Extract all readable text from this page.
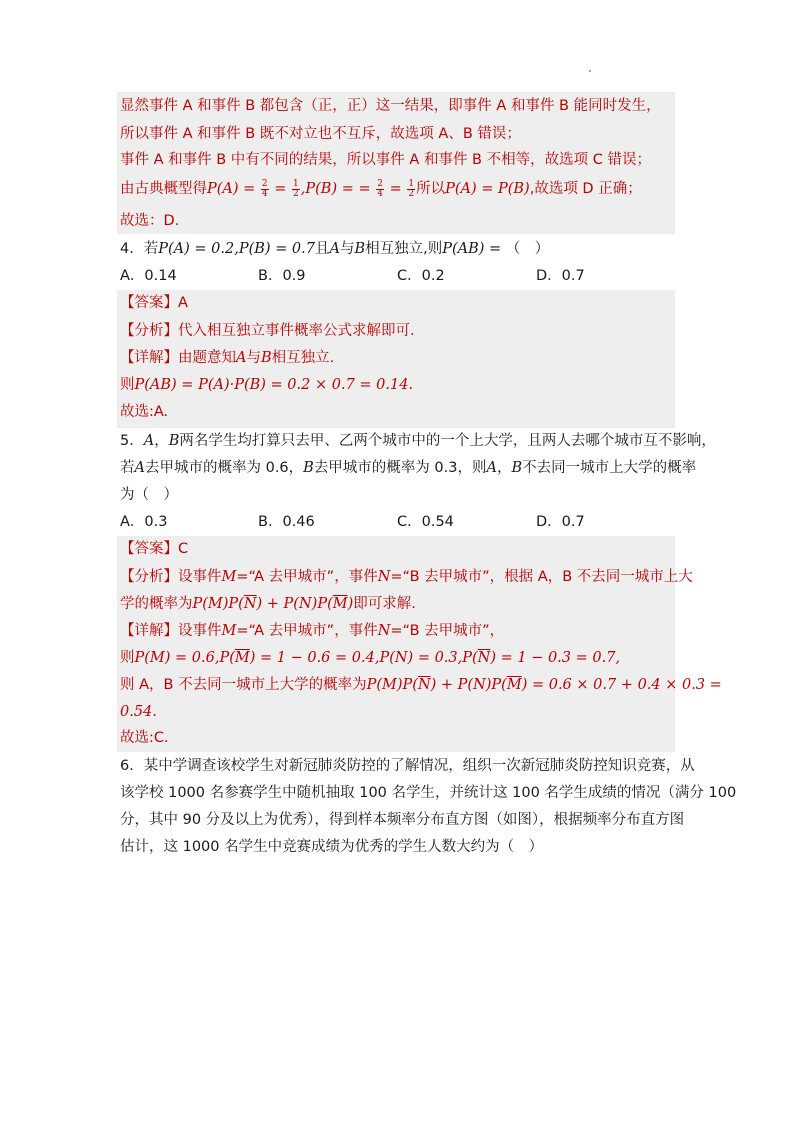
显然事件 A 和事件 B 都包含（正，正）这一结果，即事件 A 和事件 B 能同时发生，
所以事件 A 和事件 B 既不对立也不互斥，故选项 A、B 错误；
事件 A 和事件 B 中有不同的结果，所以事件 A 和事件 B 不相等，故选项 C 错误；
由古典概型得$P(A) = \frac{2}{4} = \frac{1}{2} ,P(B)$ = = $\frac{2}{4} = \frac{1}{2}$ 所以P(A) = P(B),故选项 D 正确；
故选：D.
4．若P(A) = 0.2,P(B) = 0.7且A与B相互独立,则P(AB) = （　）
A．0.14	B．0.9	C．0.2	D．0.7
【答案】A
【分析】代入相互独立事件概率公式求解即可.
【详解】由题意知A与B相互独立.
则P(AB) = P(A)·P(B) = 0.2 × 0.7 = 0.14.
故选:A.
5．A，B两名学生均打算只去甲、乙两个城市中的一个上大学，且两人去哪个城市互不影响，
若A去甲城市的概率为 0.6，B去甲城市的概率为 0.3，则A，B不去同一城市上大学的概率
为（　）
A．0.3	B．0.46	C．0.54	D．0.7
【答案】C
【分析】设事件M=“A 去甲城市”，事件N=“B 去甲城市”，根据 A，B 不去同一城市上大
学的概率为$P(M)P(\overline{N}) + P(N)P(\overline{M})$即可求解.
【详解】设事件M=“A 去甲城市”，事件N=“B 去甲城市”，
则$P(M) = 0.6,P(\overline{M}) = 1 - 0.6 = 0.4,P(N) = 0.3,P(\overline{N}) = 1 - 0.3 = 0.7$,
则 A，B 不去同一城市上大学的概率为$P(M)P(\overline{N}) + P(N)P(\overline{M}) = 0.6 \times 0.7 + 0.4 \times 0.3$ =
0.54.
故选:C.
6．某中学调查该校学生对新冠肺炎防控的了解情况，组织一次新冠肺炎防控知识竞赛，从
该学校 1000 名参赛学生中随机抽取 100 名学生，并统计这 100 名学生成绩的情况（满分 100
分，其中 90 分及以上为优秀），得到样本频率分布直方图（如图），根据频率分布直方图
估计，这 1000 名学生中竞赛成绩为优秀的学生人数大约为（　）
